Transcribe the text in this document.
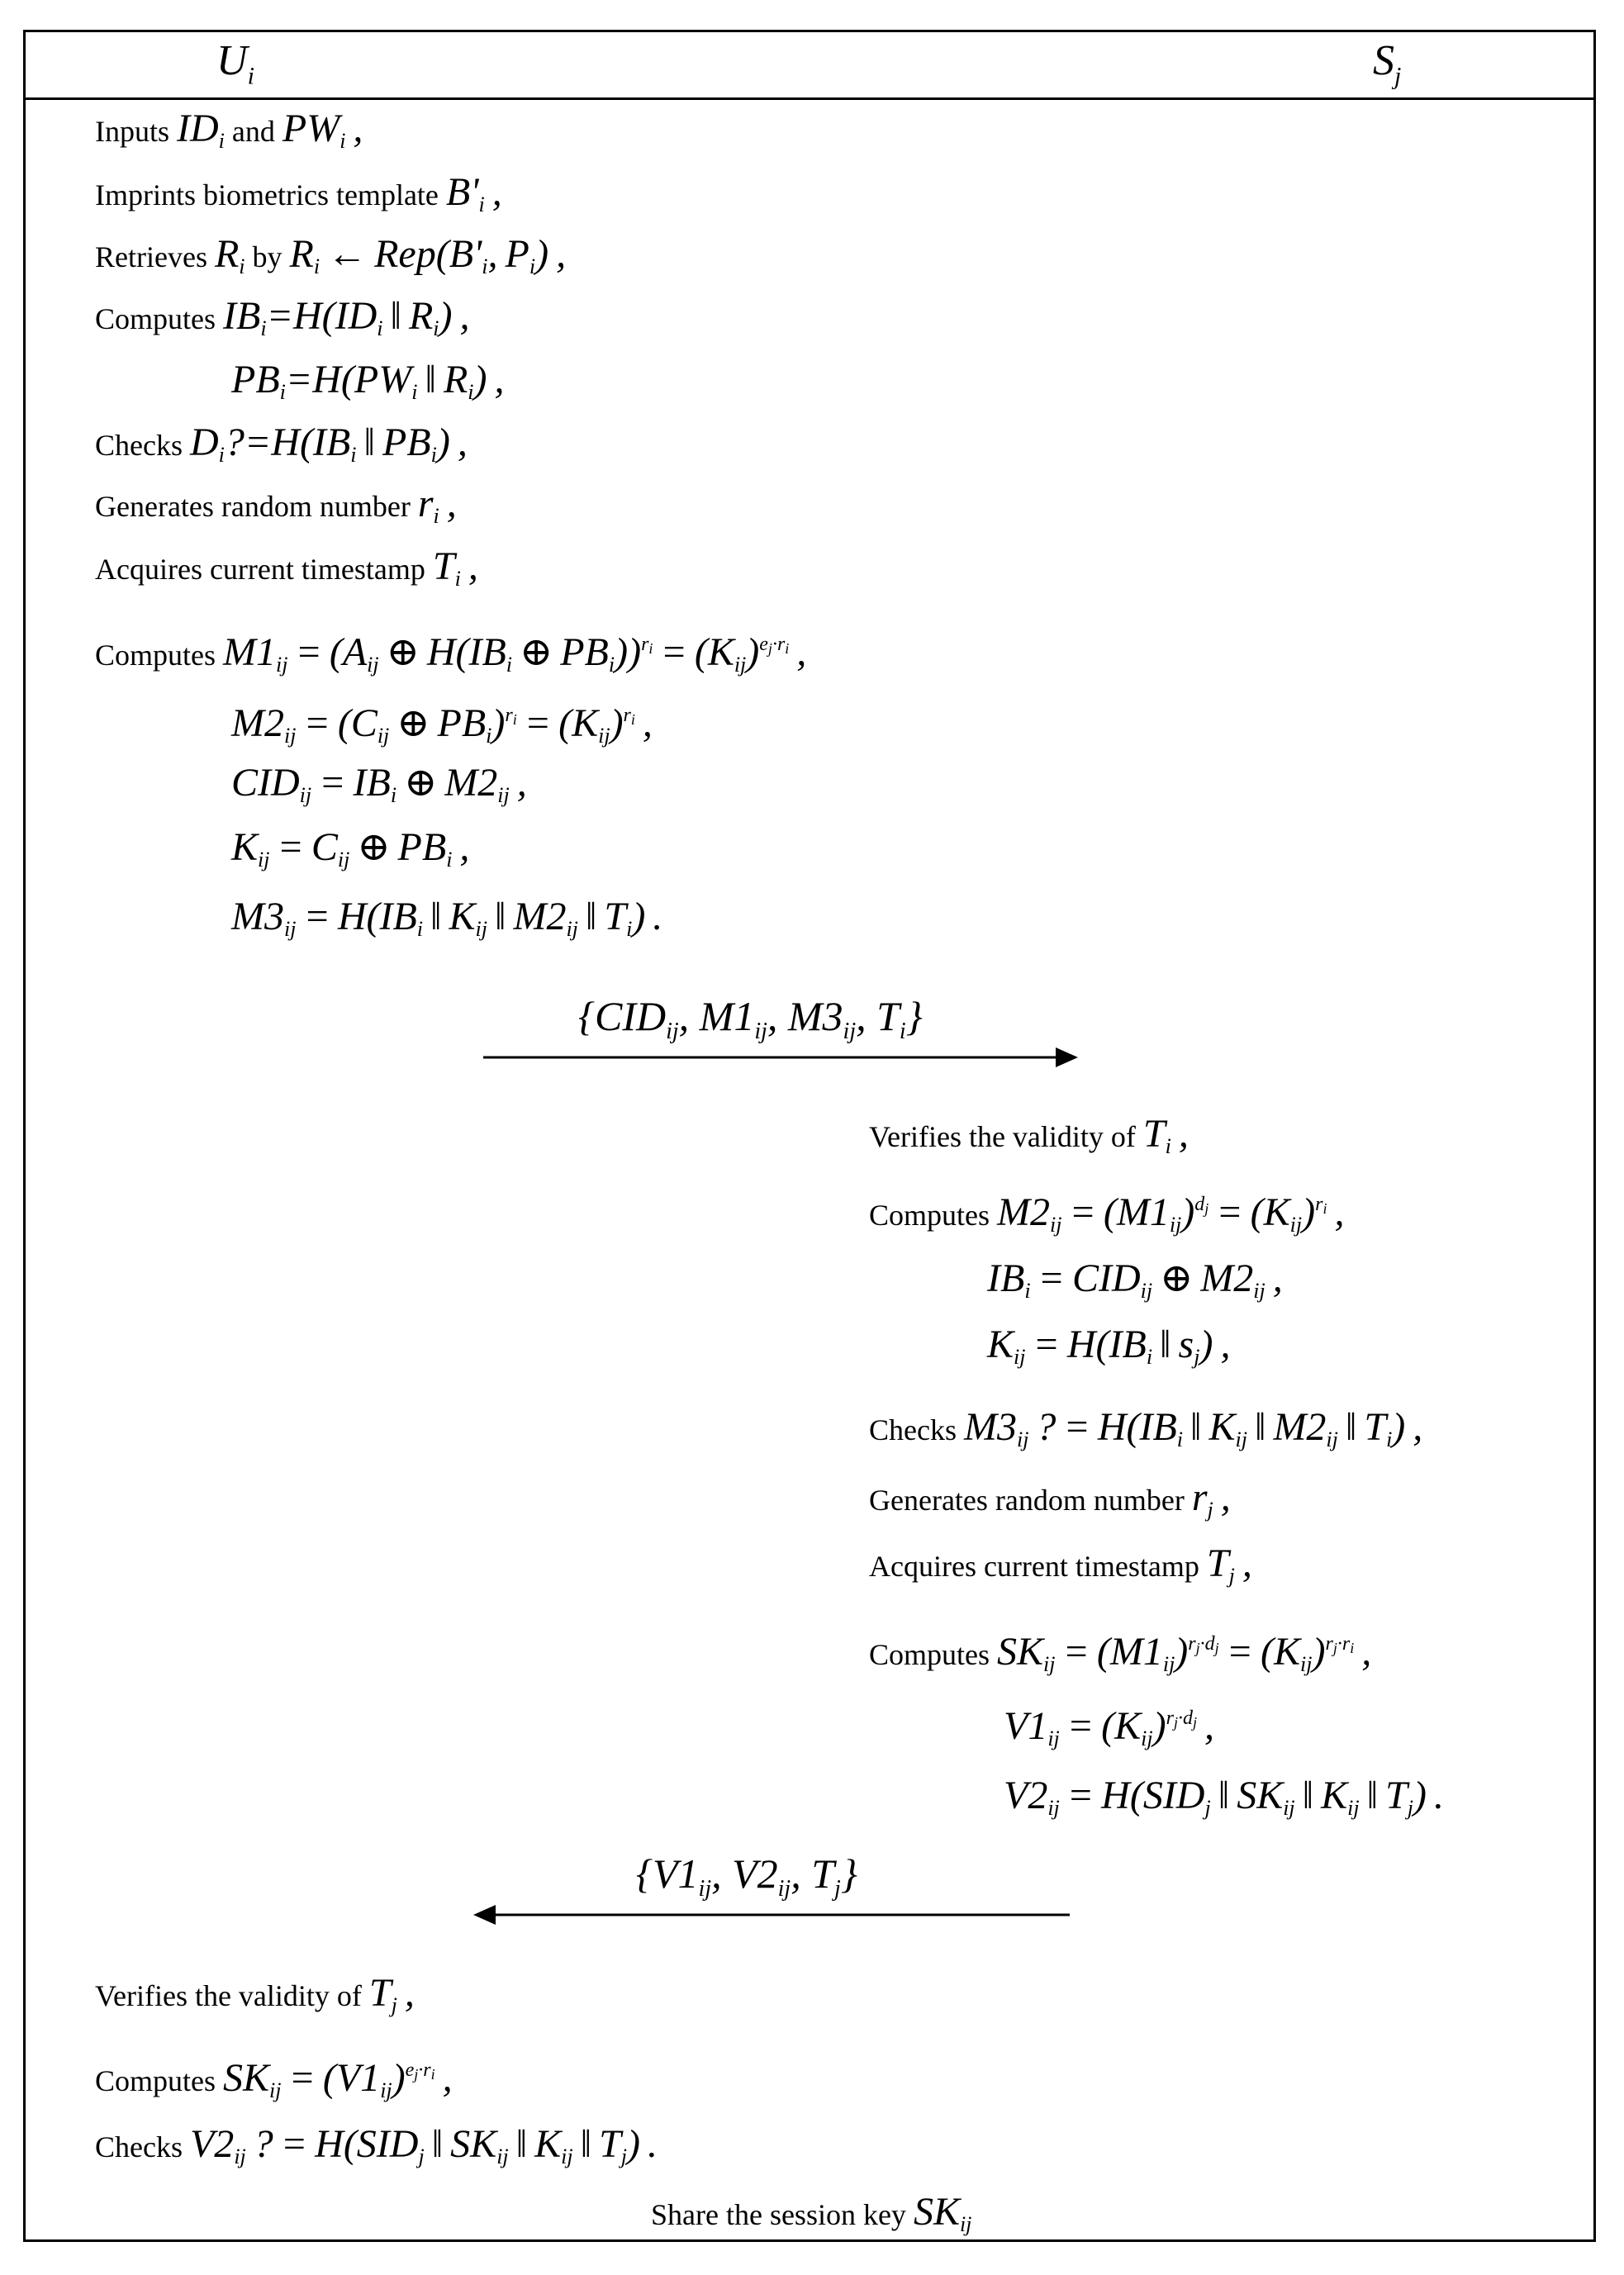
$U_i$	$S_j$
Inputs $ID_i$ and $PW_i$ ,
Imprints biometrics template $B'_i$ ,
Retrieves $R_i$ by $R_i$ ← $Rep(B'_i$, $P_i$) ,
Computes $IB_i=H(ID_i$ ‖ $R_i$) ,
$PB_i=H(PW_i$ ‖ $R_i$) ,
Checks $D_i?=H(IB_i$ ‖ $PB_i$) ,
Generates random number $r_i$ ,
Acquires current timestamp $T_i$ ,
Computes $M1_{ij} = (A_{ij}$ ⊕ $H(IB_i$ ⊕ $PB_i))^{r_i} = (K_{ij})^{e_j\cdot r_i}$ ,
$M2_{ij} = (C_{ij}$ ⊕ $PB_i)^{r_i} = (K_{ij})^{r_i}$ ,
$CID_{ij} = IB_i$ ⊕ $M2_{ij}$ ,
$K_{ij} = C_{ij}$ ⊕ $PB_i$ ,
$M3_{ij} = H(IB_i$ ‖ $K_{ij}$ ‖ $M2_{ij}$ ‖ $T_i$) .
Verifies the validity of $T_i$ ,
Computes $M2_{ij} = (M1_{ij})^{d_j} = (K_{ij})^{r_i}$ ,
$IB_i = CID_{ij}$ ⊕ $M2_{ij}$ ,
$K_{ij} = H(IB_i$ ‖ $s_j$) ,
Checks $M3_{ij}$ ? = $H(IB_i$ ‖ $K_{ij}$ ‖ $M2_{ij}$ ‖ $T_i$) ,
Generates random number $r_j$ ,
Acquires current timestamp $T_j$ ,
Computes $SK_{ij} = (M1_{ij})^{r_j\cdot d_j} = (K_{ij})^{r_j\cdot r_i}$ ,
$V1_{ij} = (K_{ij})^{r_j\cdot d_j}$ ,
$V2_{ij} = H(SID_j$ ‖ $SK_{ij}$ ‖ $K_{ij}$ ‖ $T_j$) .
Verifies the validity of $T_j$ ,
Computes $SK_{ij} = (V1_{ij})^{e_j\cdot r_i}$ ,
Checks $V2_{ij}$ ? = $H(SID_j$ ‖ $SK_{ij}$ ‖ $K_{ij}$ ‖ $T_j$) .
{$CID_{ij}$, $M1_{ij}$, $M3_{ij}$, $T_i$}
{$V1_{ij}$, $V2_{ij}$, $T_j$}
Share the session key $SK_{ij}$
